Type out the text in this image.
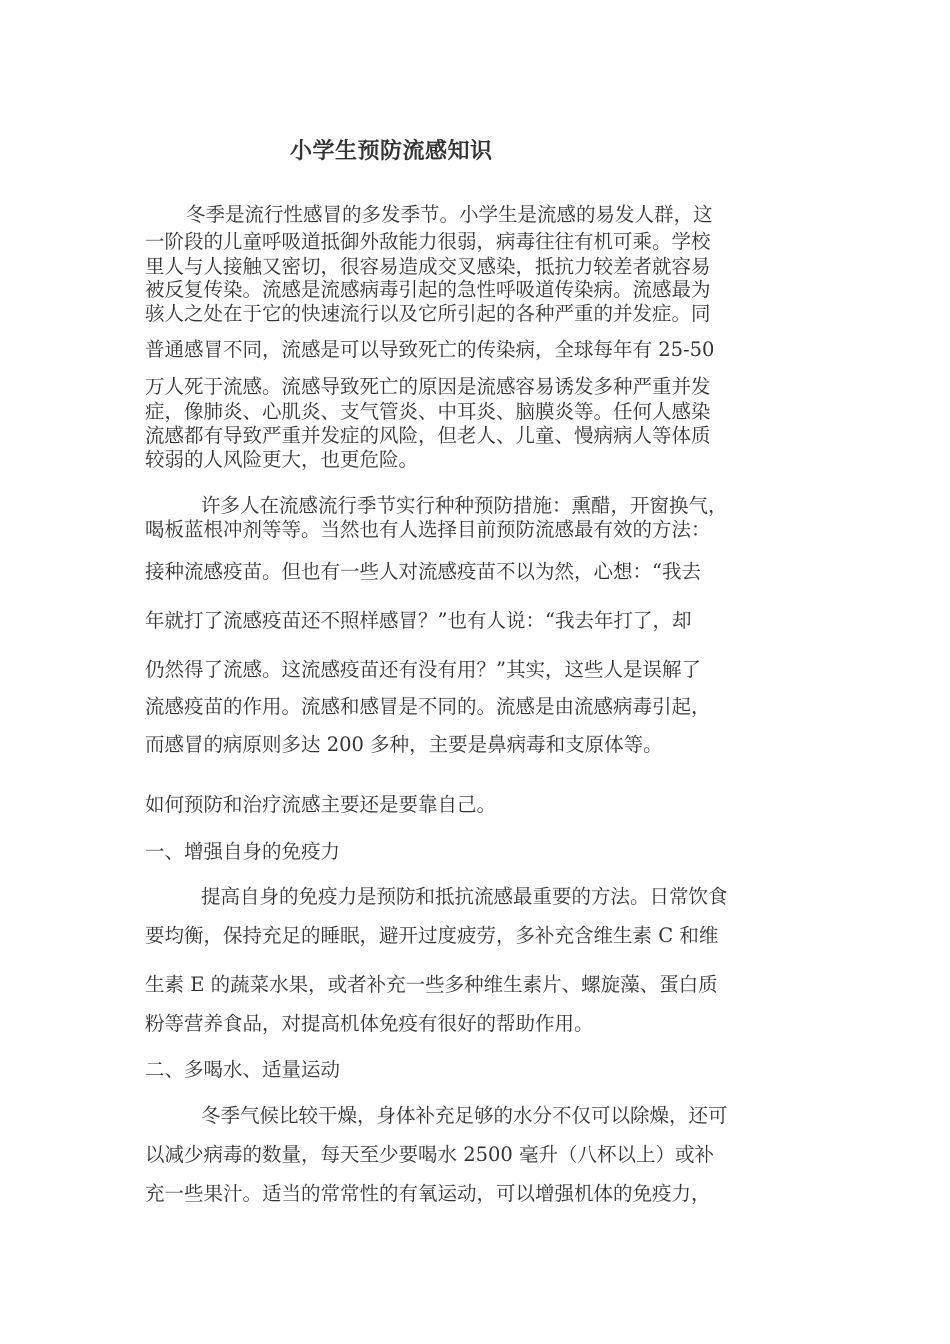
小学生预防流感知识
冬季是流行性感冒的多发季节。小学生是流感的易发人群，这
一阶段的儿童呼吸道抵御外敌能力很弱，病毒往往有机可乘。学校
里人与人接触又密切，很容易造成交叉感染，抵抗力较差者就容易
被反复传染。流感是流感病毒引起的急性呼吸道传染病。流感最为
骇人之处在于它的快速流行以及它所引起的各种严重的并发症。同
普通感冒不同，流感是可以导致死亡的传染病，全球每年有 25-50
万人死于流感。流感导致死亡的原因是流感容易诱发多种严重并发
症，像肺炎、心肌炎、支气管炎、中耳炎、脑膜炎等。任何人感染
流感都有导致严重并发症的风险，但老人、儿童、慢病病人等体质
较弱的人风险更大，也更危险。
许多人在流感流行季节实行种种预防措施：熏醋，开窗换气，
喝板蓝根冲剂等等。当然也有人选择目前预防流感最有效的方法：
接种流感疫苗。但也有一些人对流感疫苗不以为然，心想：“我去
年就打了流感疫苗还不照样感冒？”也有人说：“我去年打了，却
仍然得了流感。这流感疫苗还有没有用？”其实，这些人是误解了
流感疫苗的作用。流感和感冒是不同的。流感是由流感病毒引起，
而感冒的病原则多达 200 多种，主要是鼻病毒和支原体等。
如何预防和治疗流感主要还是要靠自己。
一、增强自身的免疫力
提高自身的免疫力是预防和抵抗流感最重要的方法。日常饮食
要均衡，保持充足的睡眠，避开过度疲劳，多补充含维生素 C 和维
生素 E 的蔬菜水果，或者补充一些多种维生素片、螺旋藻、蛋白质
粉等营养食品，对提高机体免疫有很好的帮助作用。
二、多喝水、适量运动
冬季气候比较干燥，身体补充足够的水分不仅可以除燥，还可
以减少病毒的数量，每天至少要喝水 2500 毫升（八杯以上）或补
充一些果汁。适当的常常性的有氧运动，可以增强机体的免疫力，
